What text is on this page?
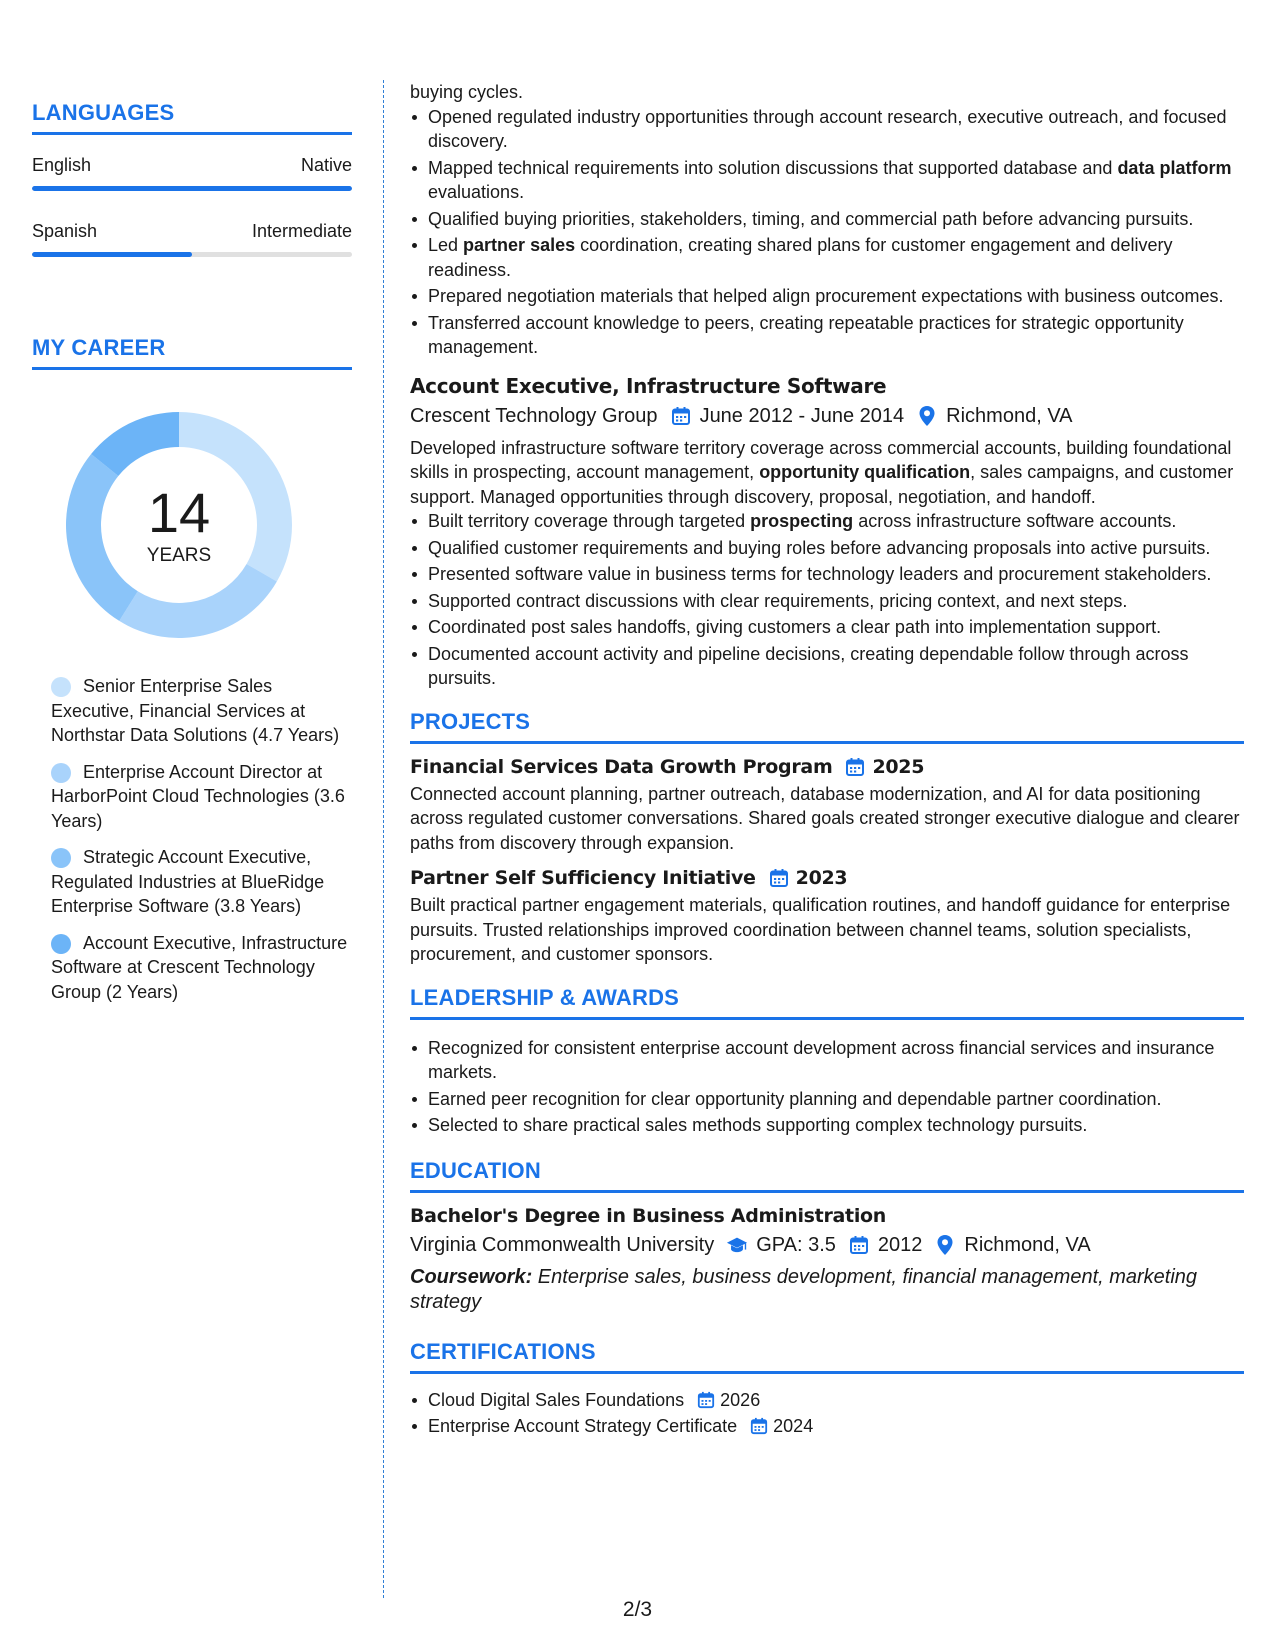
LANGUAGES
English	Native
Spanish	Intermediate
MY CAREER
14
YEARS
Senior Enterprise Sales Executive, Financial Services at Northstar Data Solutions (4.7 Years)
Enterprise Account Director at HarborPoint Cloud Technologies (3.6 Years)
Strategic Account Executive, Regulated Industries at BlueRidge Enterprise Software (3.8 Years)
Account Executive, Infrastructure Software at Crescent Technology Group (2 Years)
buying cycles.
Opened regulated industry opportunities through account research, executive outreach, and focused discovery.
Mapped technical requirements into solution discussions that supported database and data platform evaluations.
Qualified buying priorities, stakeholders, timing, and commercial path before advancing pursuits.
Led partner sales coordination, creating shared plans for customer engagement and delivery readiness.
Prepared negotiation materials that helped align procurement expectations with business outcomes.
Transferred account knowledge to peers, creating repeatable practices for strategic opportunity management.
Account Executive, Infrastructure Software
Crescent Technology Group June 2012 - June 2014 Richmond, VA
Developed infrastructure software territory coverage across commercial accounts, building foundational skills in prospecting, account management, opportunity qualification, sales campaigns, and customer support. Managed opportunities through discovery, proposal, negotiation, and handoff.
Built territory coverage through targeted prospecting across infrastructure software accounts.
Qualified customer requirements and buying roles before advancing proposals into active pursuits.
Presented software value in business terms for technology leaders and procurement stakeholders.
Supported contract discussions with clear requirements, pricing context, and next steps.
Coordinated post sales handoffs, giving customers a clear path into implementation support.
Documented account activity and pipeline decisions, creating dependable follow through across pursuits.
PROJECTS
Financial Services Data Growth Program 2025
Connected account planning, partner outreach, database modernization, and AI for data positioning across regulated customer conversations. Shared goals created stronger executive dialogue and clearer paths from discovery through expansion.
Partner Self Sufficiency Initiative 2023
Built practical partner engagement materials, qualification routines, and handoff guidance for enterprise pursuits. Trusted relationships improved coordination between channel teams, solution specialists, procurement, and customer sponsors.
LEADERSHIP & AWARDS
Recognized for consistent enterprise account development across financial services and insurance markets.
Earned peer recognition for clear opportunity planning and dependable partner coordination.
Selected to share practical sales methods supporting complex technology pursuits.
EDUCATION
Bachelor's Degree in Business Administration
Virginia Commonwealth University GPA: 3.5 2012 Richmond, VA
Coursework: Enterprise sales, business development, financial management, marketing strategy
CERTIFICATIONS
Cloud Digital Sales Foundations 2026
Enterprise Account Strategy Certificate 2024
2/3
